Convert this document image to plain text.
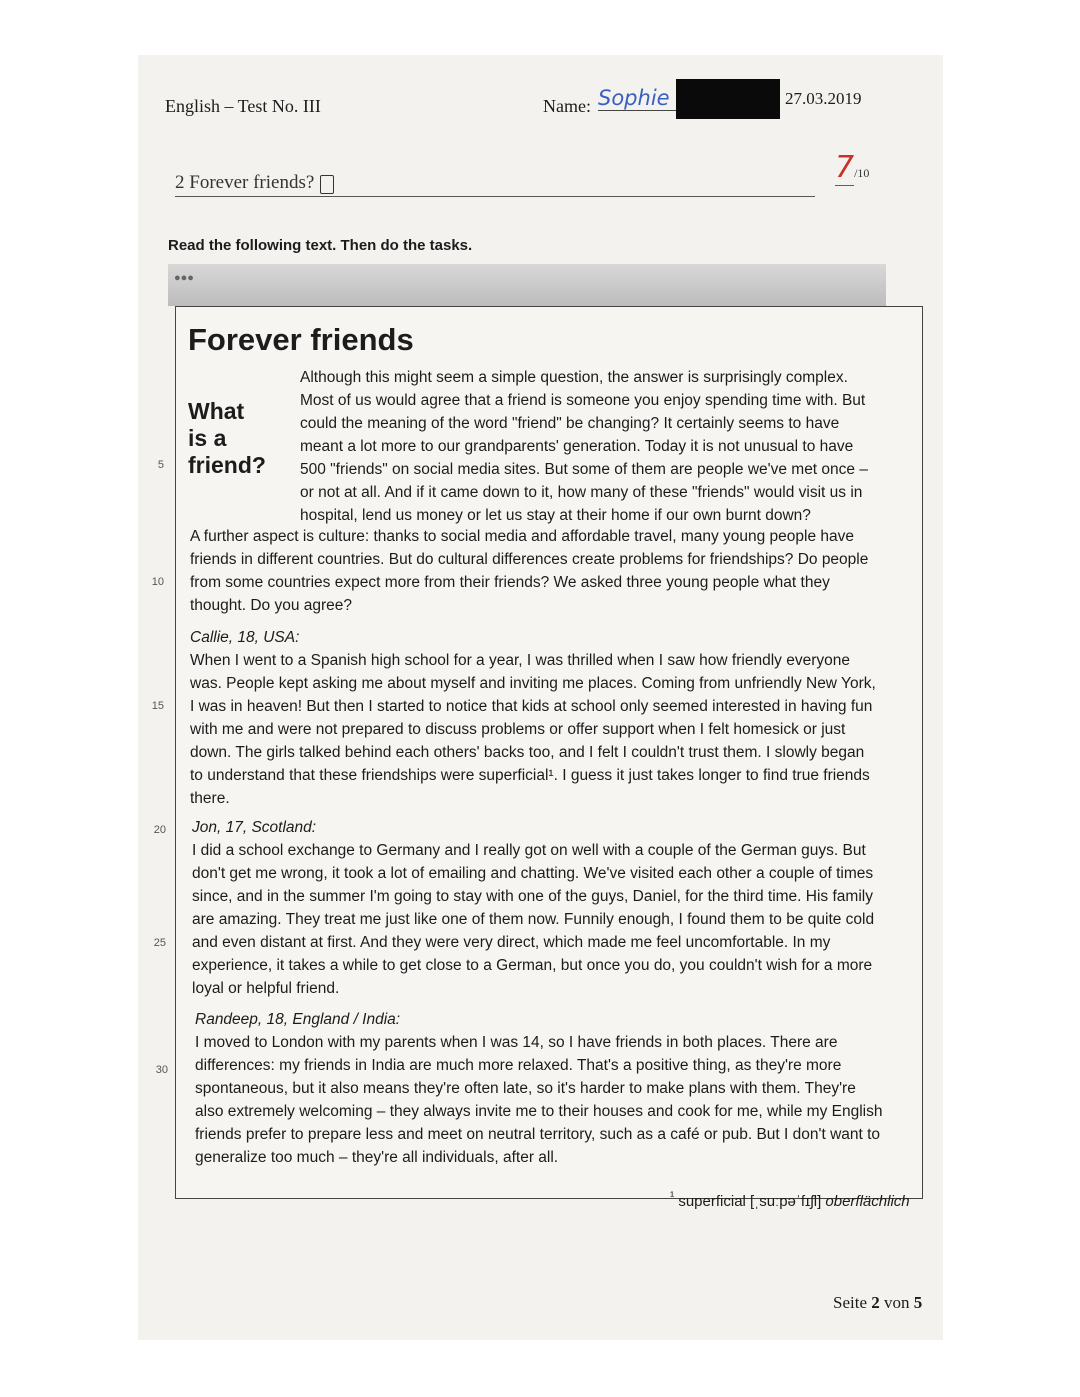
English – Test No. III	Name: Sophie	27.03.2019
2 Forever friends?	7/10
Read the following text. Then do the tasks.
●●●
Forever friends
What
is a
friend?
Although this might seem a simple question, the answer is surprisingly complex. Most of us would agree that a friend is someone you enjoy spending time with. But could the meaning of the word "friend" be changing? It certainly seems to have meant a lot more to our grandparents' generation. Today it is not unusual to have 500 "friends" on social media sites. But some of them are people we've met once – or not at all. And if it came down to it, how many of these "friends" would visit us in hospital, lend us money or let us stay at their home if our own burnt down?
A further aspect is culture: thanks to social media and affordable travel, many young people have friends in different countries. But do cultural differences create problems for friendships? Do people from some countries expect more from their friends? We asked three young people what they thought. Do you agree?
Callie, 18, USA:
When I went to a Spanish high school for a year, I was thrilled when I saw how friendly everyone was. People kept asking me about myself and inviting me places. Coming from unfriendly New York, I was in heaven! But then I started to notice that kids at school only seemed interested in having fun with me and were not prepared to discuss problems or offer support when I felt homesick or just down. The girls talked behind each others' backs too, and I felt I couldn't trust them. I slowly began to understand that these friendships were superficial¹. I guess it just takes longer to find true friends there.
Jon, 17, Scotland:
I did a school exchange to Germany and I really got on well with a couple of the German guys. But don't get me wrong, it took a lot of emailing and chatting. We've visited each other a couple of times since, and in the summer I'm going to stay with one of the guys, Daniel, for the third time. His family are amazing. They treat me just like one of them now. Funnily enough, I found them to be quite cold and even distant at first. And they were very direct, which made me feel uncomfortable. In my experience, it takes a while to get close to a German, but once you do, you couldn't wish for a more loyal or helpful friend.
Randeep, 18, England / India:
I moved to London with my parents when I was 14, so I have friends in both places. There are differences: my friends in India are much more relaxed. That's a positive thing, as they're more spontaneous, but it also means they're often late, so it's harder to make plans with them. They're also extremely welcoming – they always invite me to their houses and cook for me, while my English friends prefer to prepare less and meet on neutral territory, such as a café or pub. But I don't want to generalize too much – they're all individuals, after all.
5
10
15
20
25
30
$^{^1}$ superficial [ˌsuːpəˈfɪʃl] oberflächlich
Seite 2 von 5
